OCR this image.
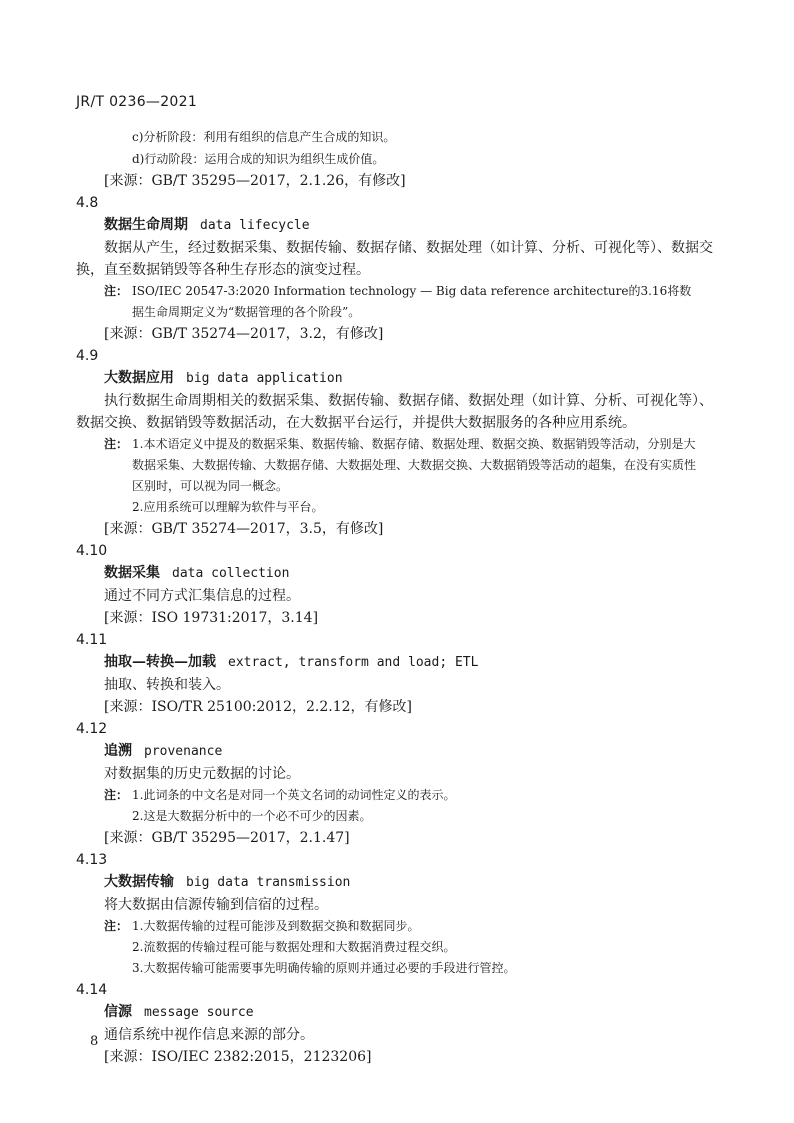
JR/T 0236—2021
c)分析阶段：利用有组织的信息产生合成的知识。
d)行动阶段：运用合成的知识为组织生成价值。
[来源：GB/T 35295—2017，2.1.26，有修改]
4.8
数据生命周期 data lifecycle
数据从产生，经过数据采集、数据传输、数据存储、数据处理（如计算、分析、可视化等）、数据交换，直至数据销毁等各种生存形态的演变过程。
注： ISO/IEC 20547-3:2020 Information technology — Big data reference architecture的3.16将数据生命周期定义为“数据管理的各个阶段”。
[来源：GB/T 35274—2017，3.2，有修改]
4.9
大数据应用 big data application
执行数据生命周期相关的数据采集、数据传输、数据存储、数据处理（如计算、分析、可视化等）、数据交换、数据销毁等数据活动，在大数据平台运行，并提供大数据服务的各种应用系统。
注： 1.本术语定义中提及的数据采集、数据传输、数据存储、数据处理、数据交换、数据销毁等活动，分别是大数据采集、大数据传输、大数据存储、大数据处理、大数据交换、大数据销毁等活动的超集，在没有实质性区别时，可以视为同一概念。
2.应用系统可以理解为软件与平台。
[来源：GB/T 35274—2017，3.5，有修改]
4.10
数据采集 data collection
通过不同方式汇集信息的过程。
[来源：ISO 19731:2017，3.14]
4.11
抽取—转换—加载 extract, transform and load; ETL
抽取、转换和装入。
[来源：ISO/TR 25100:2012，2.2.12，有修改]
4.12
追溯 provenance
对数据集的历史元数据的讨论。
注： 1.此词条的中文名是对同一个英文名词的动词性定义的表示。
2.这是大数据分析中的一个必不可少的因素。
[来源：GB/T 35295—2017，2.1.47]
4.13
大数据传输 big data transmission
将大数据由信源传输到信宿的过程。
注： 1.大数据传输的过程可能涉及到数据交换和数据同步。
2.流数据的传输过程可能与数据处理和大数据消费过程交织。
3.大数据传输可能需要事先明确传输的原则并通过必要的手段进行管控。
4.14
信源 message source
通信系统中视作信息来源的部分。
[来源：ISO/IEC 2382:2015，2123206]
8
